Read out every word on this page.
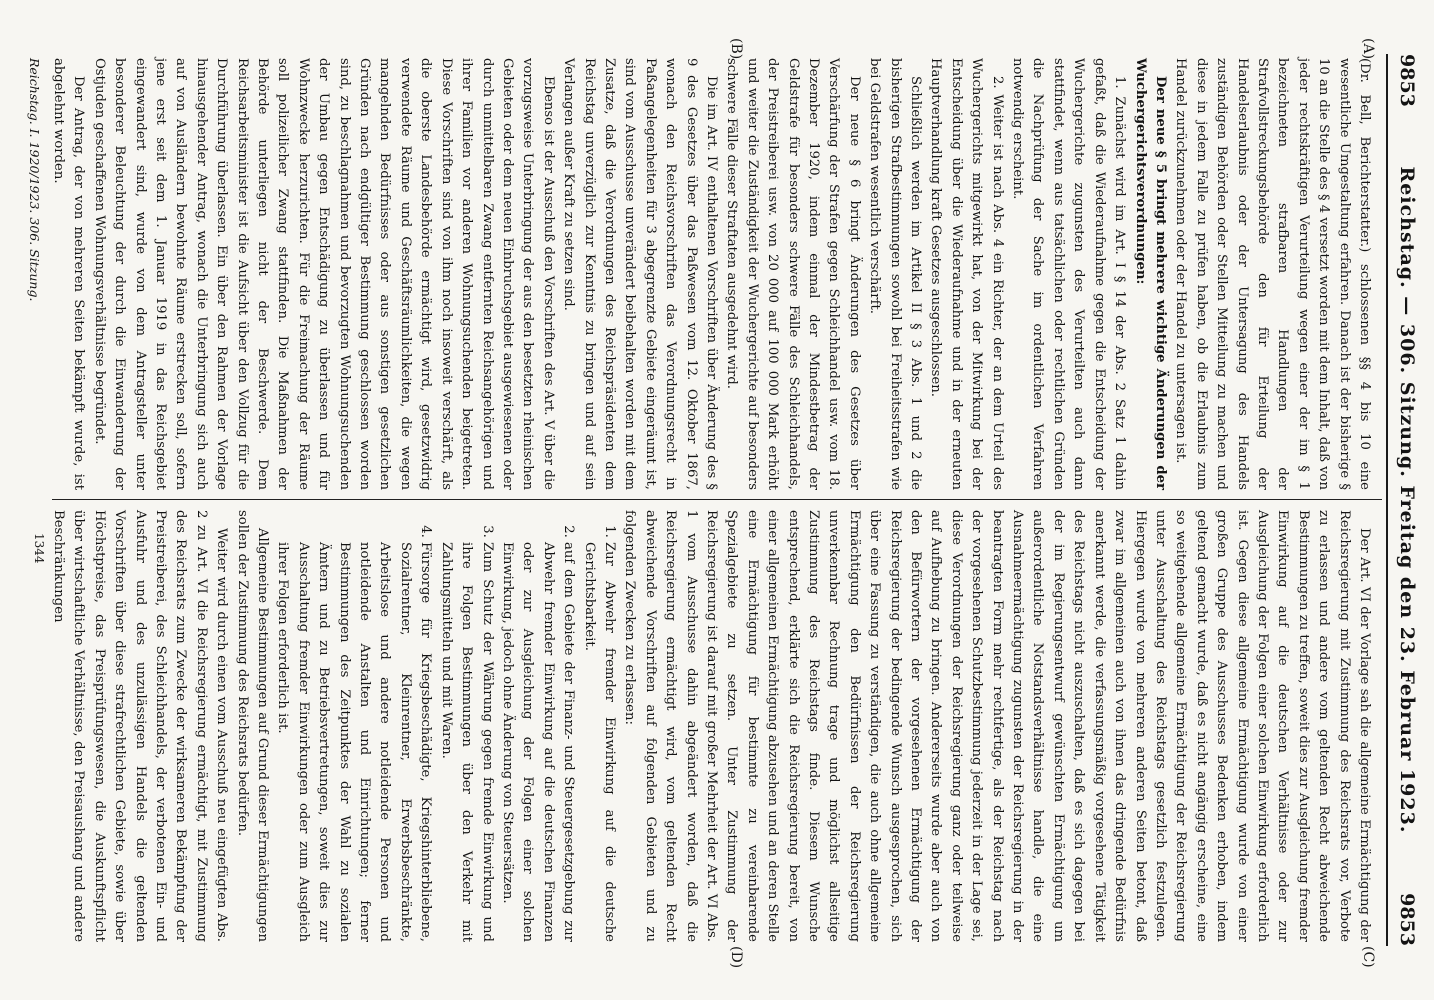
9853
Reichstag. — 306. Sitzung. Freitag den 23. Februar 1923.
9853
(A)
(B)
(C)
(D)

(Dr. Bell, Berichterstatter.) schlossenen §§ 4 bis 10 eine wesentliche Umgestaltung erfahren. Danach ist der bisherige § 10 an die Stelle des § 4 versetzt worden mit dem Inhalt, daß von jeder rechtskräftigen Verurteilung wegen einer der im § 1 bezeichneten strafbaren Handlungen der Strafvollstreckungsbehörde den für Erteilung der Handelserlaubnis oder der Untersagung des Handels zuständigen Behörden oder Stellen Mitteilung zu machen und diese in jedem Falle zu prüfen haben, ob die Erlaubnis zum Handel zurückzunehmen oder der Handel zu untersagen ist.

Der neue § 5 bringt mehrere wichtige Änderungen der Wuchergerichtsverordnungen:

1. Zunächst wird im Art. I § 14 der Abs. 2 Satz 1 dahin gefaßt, daß die Wiederaufnahme gegen die Entscheidung der Wuchergerichte zugunsten des Verurteilten auch dann stattfindet, wenn aus tatsächlichen oder rechtlichen Gründen die Nachprüfung der Sache im ordentlichen Verfahren notwendig erscheint.

2. Weiter ist nach Abs. 4 ein Richter, der an dem Urteil des Wuchergerichts mitgewirkt hat, von der Mitwirkung bei der Entscheidung über die Wiederaufnahme und in der erneuten Hauptverhandlung kraft Gesetzes ausgeschlossen.

Schließlich werden im Artikel II § 3 Abs. 1 und 2 die bisherigen Strafbestimmungen sowohl bei Freiheitsstrafen wie bei Geldstrafen wesentlich verschärft.

Der neue § 6 bringt Änderungen des Gesetzes über Verschärfung der Strafen gegen Schleichhandel usw. vom 18. Dezember 1920, indem einmal der Mindestbetrag der Geldstrafe für besonders schwere Fälle des Schleichhandels, der Preistreiberei usw. von 20 000 auf 100 000 Mark erhöht und weiter die Zuständigkeit der Wuchergerichte auf besonders schwere Fälle dieser Straftaten ausgedehnt wird.

Die im Art. IV enthaltenen Vorschriften über Änderung des § 9 des Gesetzes über das Paßwesen vom 12. Oktober 1867, wonach den Reichsvorschriften das Verordnungsrecht in Paßangelegenheiten für 3 abgegrenzte Gebiete eingeräumt ist, sind vom Ausschusse unverändert beibehalten worden mit dem Zusatze, daß die Verordnungen des Reichspräsidenten dem Reichstag unverzüglich zur Kenntnis zu bringen und auf sein Verlangen außer Kraft zu setzen sind.

Ebenso ist der Ausschuß den Vorschriften des Art. V über die vorzugsweise Unterbringung der aus den besetzten rheinischen Gebieten oder dem neuen Einbruchsgebiet ausgewiesenen oder durch unmittelbaren Zwang entfernten Reichsangehörigen und ihrer Familien vor anderen Wohnungsuchenden beigetreten. Diese Vorschriften sind von ihm noch insoweit verschärft, als die oberste Landesbehörde ermächtigt wird, gesetzwidrig verwendete Räume und Geschäftsräumlichkeiten, die wegen mangelnden Bedürfnisses oder aus sonstigen gesetzlichen Gründen nach endgültiger Bestimmung geschlossen worden sind, zu beschlagnahmen und bevorzugten Wohnungsuchenden der Umbau gegen Entschädigung zu überlassen und für Wohnzwecke herzurichten. Für die Freimachung der Räume soll polizeilicher Zwang stattfinden. Die Maßnahmen der Behörde unterliegen nicht der Beschwerde. Dem Reichsarbeitsminister ist die Aufsicht über den Vollzug für die Durchführung überlassen. Ein über den Rahmen der Vorlage hinausgehender Antrag, wonach die Unterbringung sich auch auf von Ausländern bewohnte Räume erstrecken soll, sofern jene erst seit dem 1. Januar 1919 in das Reichsgebiet eingewandert sind, wurde von dem Antragsteller unter besonderer Beleuchtung der durch die Einwanderung der Ostjuden geschaffenen Wohnungsverhältnisse begründet.

Der Antrag, der von mehreren Seiten bekämpft wurde, ist abgelehnt worden.

Der Art. VI der Vorlage sah die allgemeine Ermächtigung der Reichsregierung mit Zustimmung des Reichsrats vor, Verbote zu erlassen und andere vom geltenden Recht abweichende Bestimmungen zu treffen, soweit dies zur Ausgleichung fremder Einwirkung auf die deutschen Verhältnisse oder zur Ausgleichung der Folgen einer solchen Einwirkung erforderlich ist. Gegen diese allgemeine Ermächtigung wurde von einer großen Gruppe des Ausschusses Bedenken erhoben, indem geltend gemacht wurde, daß es nicht angängig erscheine, eine so weitgehende allgemeine Ermächtigung der Reichsregierung unter Ausschaltung des Reichstags gesetzlich festzulegen. Hiergegen wurde von mehreren anderen Seiten betont, daß zwar im allgemeinen auch von ihnen das dringende Bedürfnis anerkannt werde, die verfassungsmäßig vorgesehene Tätigkeit des Reichstags nicht auszuschalten, daß es sich dagegen bei der im Regierungsentwurf gewünschten Ermächtigung um außerordentliche Notstandsverhältnisse handle, die eine Ausnahmeermächtigung zugunsten der Reichsregierung in der beantragten Form mehr rechtfertige, als der Reichstag nach der vorgesehenen Schutzbestimmung jederzeit in der Lage sei, diese Verordnungen der Reichsregierung ganz oder teilweise auf Aufhebung zu bringen. Andererseits wurde aber auch von den Befürwortern der vorgesehenen Ermächtigung der Reichsregierung der bedingende Wunsch ausgesprochen, sich über eine Fassung zu verständigen, die auch ohne allgemeine Ermächtigung den Bedürfnissen der Reichsregierung unverkennbar Rechnung trage und möglichst allseitige Zustimmung des Reichstags finde. Diesem Wunsche entsprechend, erklärte sich die Reichsregierung bereit, von einer allgemeinen Ermächtigung abzusehen und an deren Stelle eine Ermächtigung für bestimmte zu vereinbarende Spezialgebiete zu setzen. Unter Zustimmung der Reichsregierung ist darauf mit großer Mehrheit der Art. VI Abs. 1 vom Ausschusse dahin abgeändert worden, daß die Reichsregierung ermächtigt wird, vom geltenden Recht abweichende Vorschriften auf folgenden Gebieten und zu folgenden Zwecken zu erlassen:

1. Zur Abwehr fremder Einwirkung auf die deutsche Gerichtsbarkeit.
2. auf dem Gebiete der Finanz- und Steuergesetzgebung zur Abwehr fremder Einwirkung auf die deutschen Finanzen oder zur Ausgleichung der Folgen einer solchen Einwirkung, jedoch ohne Änderung von Steuersätzen.
3. Zum Schutz der Währung gegen fremde Einwirkung und ihre Folgen Bestimmungen über den Verkehr mit Zahlungsmitteln und mit Waren.
4. Fürsorge für Kriegsbeschädigte, Kriegshinterbliebene, Sozialrentner, Kleinrentner, Erwerbsbeschränkte, Arbeitslose und andere notleidende Personen und notleidende Anstalten und Einrichtungen; ferner Bestimmungen des Zeitpunktes der Wahl zu sozialen Ämtern und zu Betriebsvertretungen, soweit dies zur Ausschaltung fremder Einwirkungen oder zum Ausgleich ihrer Folgen erforderlich ist.

Allgemeine Bestimmungen auf Grund dieser Ermächtigungen sollen der Zustimmung des Reichsrats bedürfen.

Weiter wird durch einen vom Ausschuß neu eingefügten Abs. 2 zu Art. VI die Reichsregierung ermächtigt, mit Zustimmung des Reichsrats zum Zwecke der wirksameren Bekämpfung der Preistreiberei, des Schleichhandels, der verbotenen Ein- und Ausfuhr und des unzulässigen Handels die geltenden Vorschriften über diese strafrechtlichen Gebiete, sowie über Höchstpreise, das Preisprüfungswesen, die Auskunftspflicht über wirtschaftliche Verhältnisse, den Preisaushang und andere Beschränkungen

Reichstag. I. 1920/1923. 306. Sitzung.
1344
